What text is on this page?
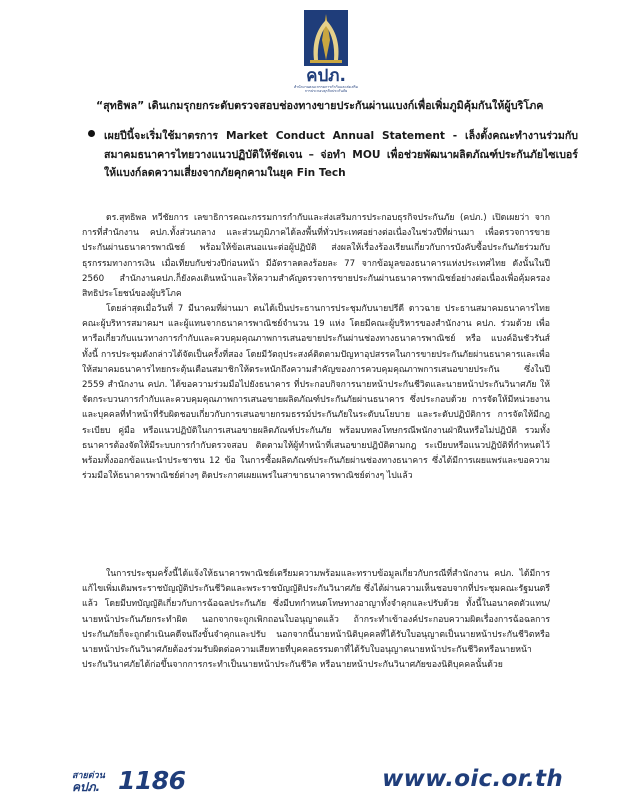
คปภ.
สำนักงานคณะกรรมการกำกับและส่งเสริม
การประกอบธุรกิจประกันภัย
“สุทธิพล” เดินเกมรุกยกระดับตรวจสอบช่องทางขายประกันผ่านแบงก์เพื่อเพิ่มภูมิคุ้มกันให้ผู้บริโภค
เผยปีนี้จะเริ่มใช้มาตรการ Market Conduct Annual Statement - เล็งตั้งคณะทำงานร่วมกับสมาคมธนาคารไทยวางแนวปฏิบัติให้ชัดเจน – จ่อทำ MOU เพื่อช่วยพัฒนาผลิตภัณฑ์ประกันภัยไซเบอร์ให้แบงก์ลดความเสี่ยงจากภัยคุกคามในยุค Fin Tech
ดร.สุทธิพล ทวีชัยการ เลขาธิการคณะกรรมการกำกับและส่งเสริมการประกอบธุรกิจประกันภัย (คปภ.) เปิดเผยว่า จากการที่สำนักงาน คปภ.ทั้งส่วนกลาง และส่วนภูมิภาคได้ลงพื้นที่ทั่วประเทศอย่างต่อเนื่องในช่วงปีที่ผ่านมา เพื่อตรวจการขายประกันผ่านธนาคารพาณิชย์ พร้อมให้ข้อเสนอแนะต่อผู้ปฏิบัติ ส่งผลให้เรื่องร้องเรียนเกี่ยวกับการบังคับซื้อประกันภัยร่วมกับธุรกรรมทางการเงิน เมื่อเทียบกับช่วงปีก่อนหน้า มีอัตราลดลงร้อยละ 77 จากข้อมูลของธนาคารแห่งประเทศไทย ดังนั้นในปี 2560 สำนักงานคปภ.ก็ยังคงเดินหน้าและให้ความสำคัญตรวจการขายประกันผ่านธนาคารพาณิชย์อย่างต่อเนื่องเพื่อคุ้มครองสิทธิประโยชน์ของผู้บริโภค
โดยล่าสุดเมื่อวันที่ 7 มีนาคมที่ผ่านมา ตนได้เป็นประธานการประชุมกับนายปรีดี ดาวฉาย ประธานสมาคมธนาคารไทย คณะผู้บริหารสมาคมฯ และผู้แทนจากธนาคารพาณิชย์จำนวน 19 แห่ง โดยมีคณะผู้บริหารของสำนักงาน คปภ. ร่วมด้วย เพื่อหารือเกี่ยวกับแนวทางการกำกับและควบคุมคุณภาพการเสนอขายประกันผ่านช่องทางธนาคารพาณิชย์ หรือ แบงค์อินชัวรันส์ ทั้งนี้ การประชุมดังกล่าวได้จัดเป็นครั้งที่สอง โดยมีวัตถุประสงค์ติดตามปัญหาอุปสรรคในการขายประกันภัยผ่านธนาคารและเพื่อให้สมาคมธนาคารไทยกระตุ้นเตือนสมาชิกให้ตระหนักถึงความสำคัญของการควบคุมคุณภาพการเสนอขายประกัน ซึ่งในปี 2559 สำนักงาน คปภ. ได้ขอความร่วมมือไปยังธนาคาร ที่ประกอบกิจการนายหน้าประกันชีวิตและนายหน้าประกันวินาศภัย ให้จัดกระบวนการกำกับและควบคุมคุณภาพการเสนอขายผลิตภัณฑ์ประกันภัยผ่านธนาคาร ซึ่งประกอบด้วย การจัดให้มีหน่วยงานและบุคคลที่ทำหน้าที่รับผิดชอบเกี่ยวกับการเสนอขายกรมธรรม์ประกันภัยในระดับนโยบาย และระดับปฏิบัติการ การจัดให้มีกฎ ระเบียบ คู่มือ หรือแนวปฏิบัติในการเสนอขายผลิตภัณฑ์ประกันภัย พร้อมบทลงโทษกรณีพนักงานฝ่าฝืนหรือไม่ปฏิบัติ รวมทั้งธนาคารต้องจัดให้มีระบบการกำกับตรวจสอบ ติดตามให้ผู้ทำหน้าที่เสนอขายปฏิบัติตามกฎ ระเบียบหรือแนวปฏิบัติที่กำหนดไว้ พร้อมทั้งออกข้อแนะนำประชาชน 12 ข้อ ในการซื้อผลิตภัณฑ์ประกันภัยผ่านช่องทางธนาคาร ซึ่งได้มีการเผยแพร่และขอความร่วมมือให้ธนาคารพาณิชย์ต่างๆ ติดประกาศเผยแพร่ในสาขาธนาคารพาณิชย์ต่างๆ ไปแล้ว
ในการประชุมครั้งนี้ได้แจ้งให้ธนาคารพาณิชย์เตรียมความพร้อมและทราบข้อมูลเกี่ยวกับกรณีที่สำนักงาน คปภ. ได้มีการแก้ไขเพิ่มเติมพระราชบัญญัติประกันชีวิตและพระราชบัญญัติประกันวินาศภัย ซึ่งได้ผ่านความเห็นชอบจากที่ประชุมคณะรัฐมนตรีแล้ว โดยมีบทบัญญัติเกี่ยวกับการฉ้อฉลประกันภัย ซึ่งมีบทกำหนดโทษทางอาญาทั้งจำคุกและปรับด้วย ทั้งนี้ในอนาคตตัวแทน/นายหน้าประกันภัยกระทำผิด นอกจากจะถูกเพิกถอนใบอนุญาตแล้ว ถ้ากระทำเข้าองค์ประกอบความผิดเรื่องการฉ้อฉลการประกันภัยก็จะถูกดำเนินคดีจนถึงขั้นจำคุกและปรับ นอกจากนี้นายหน้านิติบุคคลที่ได้รับใบอนุญาตเป็นนายหน้าประกันชีวิตหรือนายหน้าประกันวินาศภัยต้องร่วมรับผิดต่อความเสียหายที่บุคคลธรรมดาที่ได้รับใบอนุญาตนายหน้าประกันชีวิตหรือนายหน้าประกันวินาศภัยได้ก่อขึ้นจากการกระทำเป็นนายหน้าประกันชีวิต หรือนายหน้าประกันวินาศภัยของนิติบุคคลนั้นด้วย
สายด่วน
คปภ. 1186	www.oic.or.th
